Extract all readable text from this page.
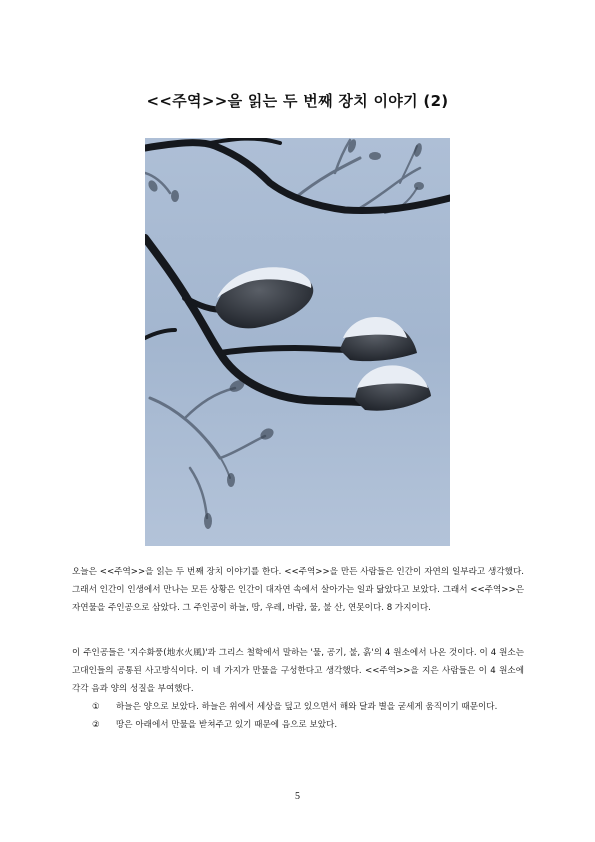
<<주역>>을 읽는 두 번째 장치 이야기 (2)

오늘은 <<주역>>을 읽는 두 번째 장치 이야기를 한다. <<주역>>을 만든 사람들은 인간이 자연의 일부라고 생각했다. 그래서 인간이 인생에서 만나는 모든 상황은 인간이 대자연 속에서 살아가는 일과 닮았다고 보았다. 그래서 <<주역>>은 자연물을 주인공으로 삼았다. 그 주인공이 하늘, 땅, 우레, 바람, 물, 불 산, 연못이다. 8 가지이다.

이 주인공들은 '지수화풍(地水火風)'과 그리스 철학에서 말하는 '물, 공기, 불, 흙'의 4 원소에서 나온 것이다. 이 4 원소는 고대인들의 공통된 사고방식이다. 이 네 가지가 만물을 구성한다고 생각했다. <<주역>>을 지은 사람들은 이 4 원소에 각각 음과 양의 성질을 부여했다.

① 하늘은 양으로 보았다. 하늘은 위에서 세상을 덮고 있으면서 해와 달과 별을 굳세게 움직이기 때문이다.
② 땅은 아래에서 만물을 받쳐주고 있기 때문에 음으로 보았다.
5
